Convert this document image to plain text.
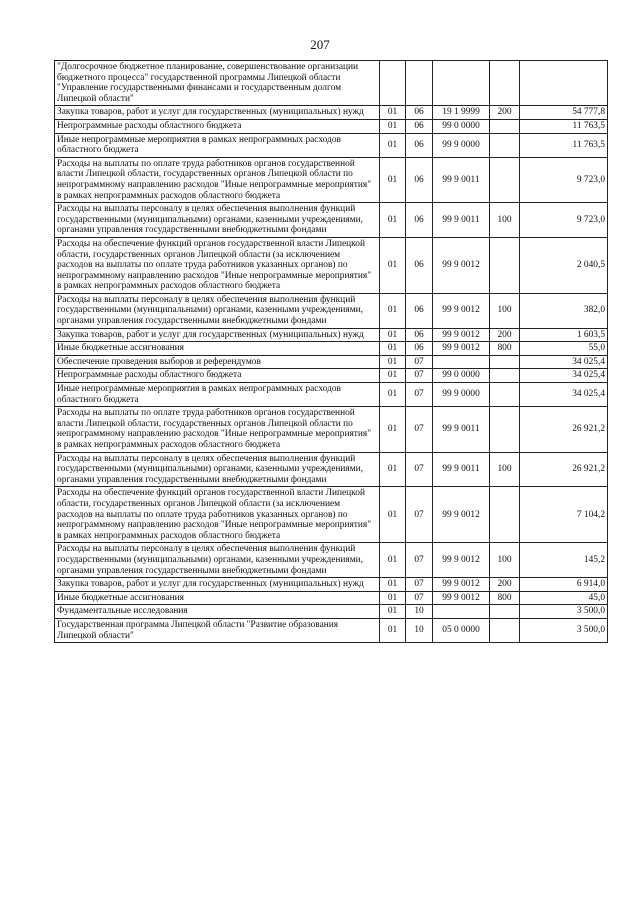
207
"Долгосрочное бюджетное планирование, совершенствование организации бюджетного процесса" государственной программы Липецкой области "Управление государственными финансами и государственным долгом Липецкой области"					
Закупка товаров, работ и услуг для государственных (муниципальных) нужд	01	06	19 1 9999	200	54 777,8
Непрограммные расходы областного бюджета	01	06	99 0 0000		11 763,5
Иные непрограммные мероприятия в рамках непрограммных расходов областного бюджета	01	06	99 9 0000		11 763,5
Расходы на выплаты по оплате труда работников органов государственной власти Липецкой области, государственных органов Липецкой области по непрограммному направлению расходов "Иные непрограммные мероприятия" в рамках непрограммных расходов областного бюджета	01	06	99 9 0011		9 723,0
Расходы на выплаты персоналу в целях обеспечения выполнения функций государственными (муниципальными) органами, казенными учреждениями, органами управления государственными внебюджетными фондами	01	06	99 9 0011	100	9 723,0
Расходы на обеспечение функций органов государственной власти Липецкой области, государственных органов Липецкой области (за исключением расходов на выплаты по оплате труда работников указанных органов) по непрограммному направлению расходов "Иные непрограммные мероприятия" в рамках непрограммных расходов областного бюджета	01	06	99 9 0012		2 040,5
Расходы на выплаты персоналу в целях обеспечения выполнения функций государственными (муниципальными) органами, казенными учреждениями, органами управления государственными внебюджетными фондами	01	06	99 9 0012	100	382,0
Закупка товаров, работ и услуг для государственных (муниципальных) нужд	01	06	99 9 0012	200	1 603,5
Иные бюджетные ассигнования	01	06	99 9 0012	800	55,0
Обеспечение проведения выборов и референдумов	01	07			34 025,4
Непрограммные расходы областного бюджета	01	07	99 0 0000		34 025,4
Иные непрограммные мероприятия в рамках непрограммных расходов областного бюджета	01	07	99 9 0000		34 025,4
Расходы на выплаты по оплате труда работников органов государственной власти Липецкой области, государственных органов Липецкой области по непрограммному направлению расходов "Иные непрограммные мероприятия" в рамках непрограммных расходов областного бюджета	01	07	99 9 0011		26 921,2
Расходы на выплаты персоналу в целях обеспечения выполнения функций государственными (муниципальными) органами, казенными учреждениями, органами управления государственными внебюджетными фондами	01	07	99 9 0011	100	26 921,2
Расходы на обеспечение функций органов государственной власти Липецкой области, государственных органов Липецкой области (за исключением расходов на выплаты по оплате труда работников указанных органов) по непрограммному направлению расходов "Иные непрограммные мероприятия" в рамках непрограммных расходов областного бюджета	01	07	99 9 0012		7 104,2
Расходы на выплаты персоналу в целях обеспечения выполнения функций государственными (муниципальными) органами, казенными учреждениями, органами управления государственными внебюджетными фондами	01	07	99 9 0012	100	145,2
Закупка товаров, работ и услуг для государственных (муниципальных) нужд	01	07	99 9 0012	200	6 914,0
Иные бюджетные ассигнования	01	07	99 9 0012	800	45,0
Фундаментальные исследования	01	10			3 500,0
Государственная программа Липецкой области "Развитие образования Липецкой области"	01	10	05 0 0000		3 500,0
